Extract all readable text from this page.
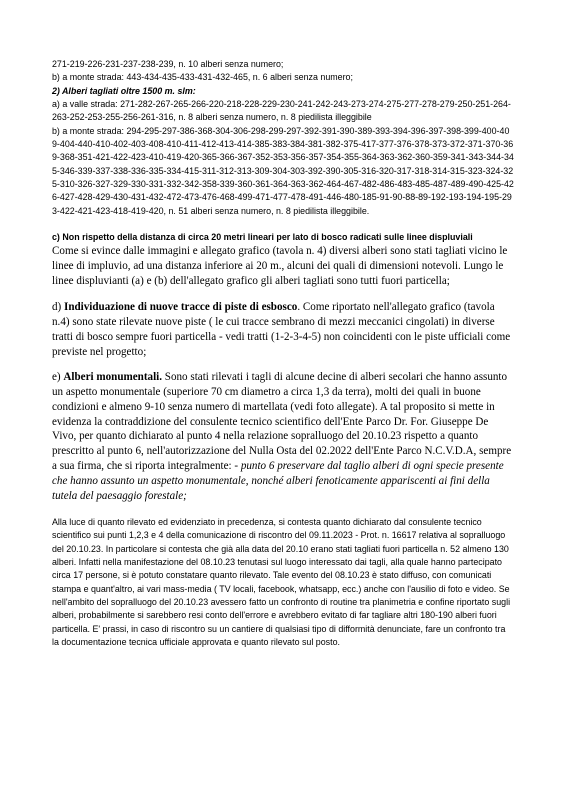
271-219-226-231-237-238-239, n. 10 alberi senza numero;

b) a monte strada: 443-434-435-433-431-432-465, n. 6 alberi senza numero;

2) Alberi tagliati oltre 1500 m. slm:

a) a valle strada: 271-282-267-265-266-220-218-228-229-230-241-242-243-273-274-275-277-278-279-250-251-264-263-252-253-255-256-261-316, n. 8 alberi senza numero, n. 8 piedilista illeggibile

b) a monte strada: 294-295-297-386-368-304-306-298-299-297-392-391-390-389-393-394-396-397-398-399-400-409-404-440-410-402-403-408-410-411-412-413-414-385-383-384-381-382-375-417-377-376-378-373-372-371-370-369-368-351-421-422-423-410-419-420-365-366-367-352-353-356-357-354-355-364-363-362-360-359-341-343-344-345-346-339-337-338-336-335-334-415-311-312-313-309-304-303-392-390-305-316-320-317-318-314-315-323-324-325-310-326-327-329-330-331-332-342-358-339-360-361-364-363-362-464-467-482-486-483-485-487-489-490-425-426-427-428-429-430-431-432-472-473-476-468-499-471-477-478-491-446-480-185-91-90-88-89-192-193-194-195-293-422-421-423-418-419-420, n. 51 alberi senza numero, n. 8 piedilista illeggibile.

c) Non rispetto della distanza di circa 20 metri lineari per lato di bosco radicati sulle linee displuviali

Come si evince dalle immagini e allegato grafico (tavola n. 4) diversi alberi sono stati tagliati vicino le linee di impluvio, ad una distanza inferiore ai 20 m., alcuni dei quali di dimensioni notevoli. Lungo le linee displuvianti (a) e (b) dell'allegato grafico gli alberi tagliati sono tutti fuori particella;

d) Individuazione di nuove tracce di piste di esbosco. Come riportato nell'allegato grafico (tavola n.4) sono state rilevate nuove piste ( le cui tracce sembrano di mezzi meccanici cingolati) in diverse tratti di bosco sempre fuori particella - vedi tratti (1-2-3-4-5) non coincidenti con le piste ufficiali come previste nel progetto;

e) Alberi monumentali. Sono stati rilevati i tagli di alcune decine di alberi secolari che hanno assunto un aspetto monumentale (superiore 70 cm diametro a circa 1,3 da terra), molti dei quali in buone condizioni e almeno 9-10 senza numero di martellata (vedi foto allegate). A tal proposito si mette in evidenza la contraddizione del consulente tecnico scientifico dell'Ente Parco Dr. For. Giuseppe De Vivo, per quanto dichiarato al punto 4 nella relazione sopralluogo del 20.10.23 rispetto a quanto prescritto al punto 6, nell'autorizzazione del Nulla Osta del 02.2022 dell'Ente Parco N.C.V.D.A, sempre a sua firma, che si riporta integralmente: - punto 6 preservare dal taglio alberi di ogni specie presente che hanno assunto un aspetto monumentale, nonché alberi fenoticamente appariscenti ai fini della tutela del paesaggio forestale;

Alla luce di quanto rilevato ed evidenziato in precedenza, si contesta quanto dichiarato dal consulente tecnico scientifico sui punti 1,2,3 e 4 della comunicazione di riscontro del 09.11.2023 - Prot. n. 16617 relativa al sopralluogo del 20.10.23. In particolare si contesta che già alla data del 20.10 erano stati tagliati fuori particella n. 52 almeno 130 alberi. Infatti nella manifestazione del 08.10.23 tenutasi sul luogo interessato dai tagli, alla quale hanno partecipato circa 17 persone, si è potuto constatare quanto rilevato. Tale evento del 08.10.23 è stato diffuso, con comunicati stampa e quant'altro, ai vari mass-media ( TV locali, facebook, whatsapp, ecc.) anche con l'ausilio di foto e video. Se nell'ambito del sopralluogo del 20.10.23 avessero fatto un confronto di routine tra planimetria e confine riportato sugli alberi, probabilmente si sarebbero resi conto dell'errore e avrebbero evitato di far tagliare altri 180-190 alberi fuori particella. E' prassi, in caso di riscontro su un cantiere di qualsiasi tipo di difformità denunciate, fare un confronto tra la documentazione tecnica ufficiale approvata e quanto rilevato sul posto.
